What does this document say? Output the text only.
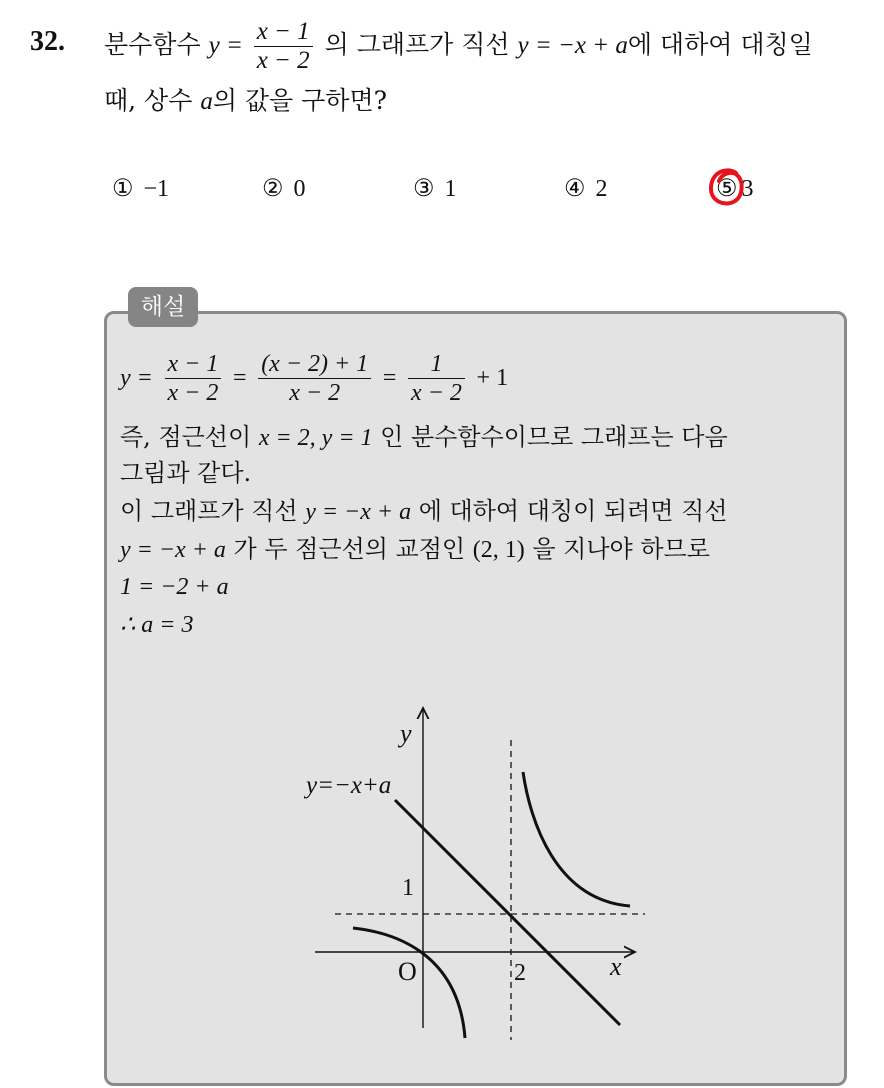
32. 분수함수 $y = \frac{x - 1}{x - 2}$ 의 그래프가 직선 y = −x + a에 대하여 대칭일
때, 상수 a의 값을 구하면?
① −1	② 0	③ 1	④ 2	⑤ 3
해설
$y = \frac{x - 1}{x - 2} = \frac{(x - 2) + 1}{x - 2} = \frac{1}{x - 2} + 1$
즉, 점근선이 x = 2, y = 1 인 분수함수이므로 그래프는 다음
그림과 같다.
이 그래프가 직선 y = −x + a 에 대하여 대칭이 되려면 직선
y = −x + a 가 두 점근선의 교점인 (2, 1) 을 지나야 하므로
1 = −2 + a
∴ a = 3
y
x
O
1
2
y=−x+a
